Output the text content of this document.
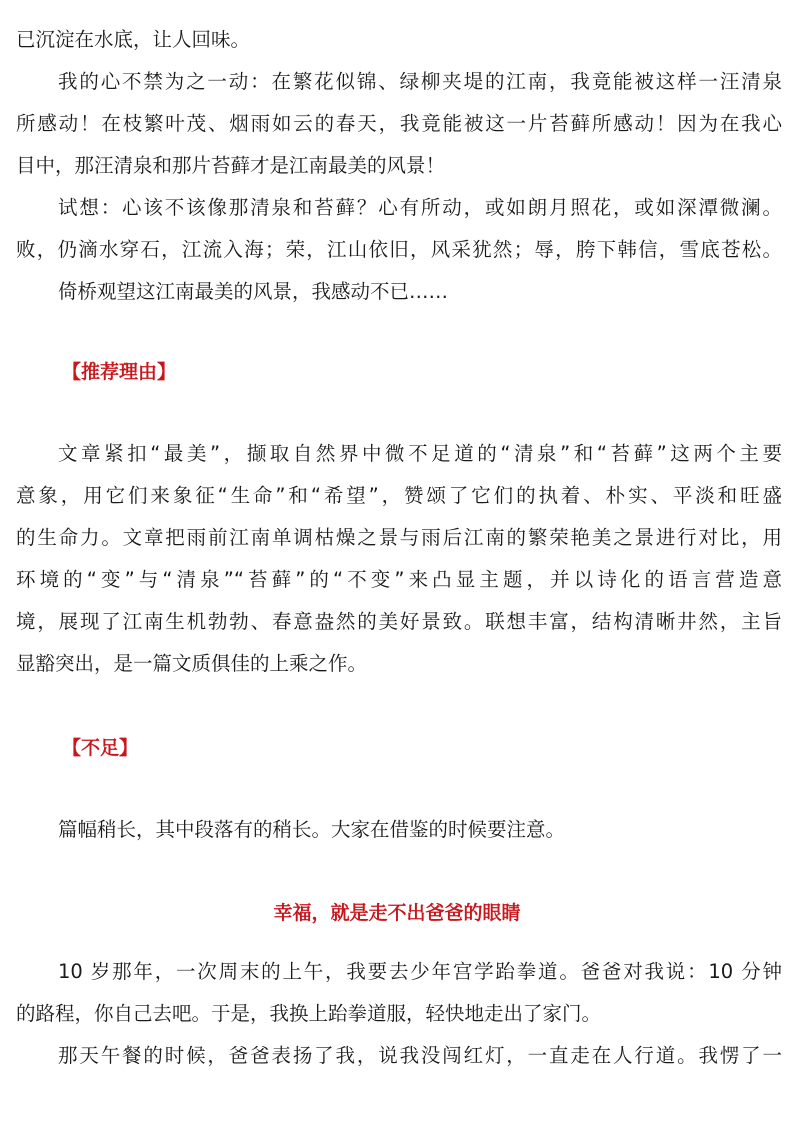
已沉淀在水底，让人回味。
我的心不禁为之一动：在繁花似锦、绿柳夹堤的江南，我竟能被这样一汪清泉
所感动！在枝繁叶茂、烟雨如云的春天，我竟能被这一片苔藓所感动！因为在我心
目中，那汪清泉和那片苔藓才是江南最美的风景！
试想：心该不该像那清泉和苔藓？心有所动，或如朗月照花，或如深潭微澜。
败，仍滴水穿石，江流入海；荣，江山依旧，风采犹然；辱，胯下韩信，雪底苍松。
倚桥观望这江南最美的风景，我感动不已……
【推荐理由】
文章紧扣“最美”，撷取自然界中微不足道的“清泉”和“苔藓”这两个主要
意象，用它们来象征“生命”和“希望”，赞颂了它们的执着、朴实、平淡和旺盛
的生命力。文章把雨前江南单调枯燥之景与雨后江南的繁荣艳美之景进行对比，用
环境的“变”与“清泉”“苔藓”的“不变”来凸显主题，并以诗化的语言营造意
境，展现了江南生机勃勃、春意盎然的美好景致。联想丰富，结构清晰井然，主旨
显豁突出，是一篇文质俱佳的上乘之作。
【不足】
篇幅稍长，其中段落有的稍长。大家在借鉴的时候要注意。
幸福，就是走不出爸爸的眼睛
10 岁那年，一次周末的上午，我要去少年宫学跆拳道。爸爸对我说：10 分钟
的路程，你自己去吧。于是，我换上跆拳道服，轻快地走出了家门。
那天午餐的时候，爸爸表扬了我，说我没闯红灯，一直走在人行道。我愣了一
